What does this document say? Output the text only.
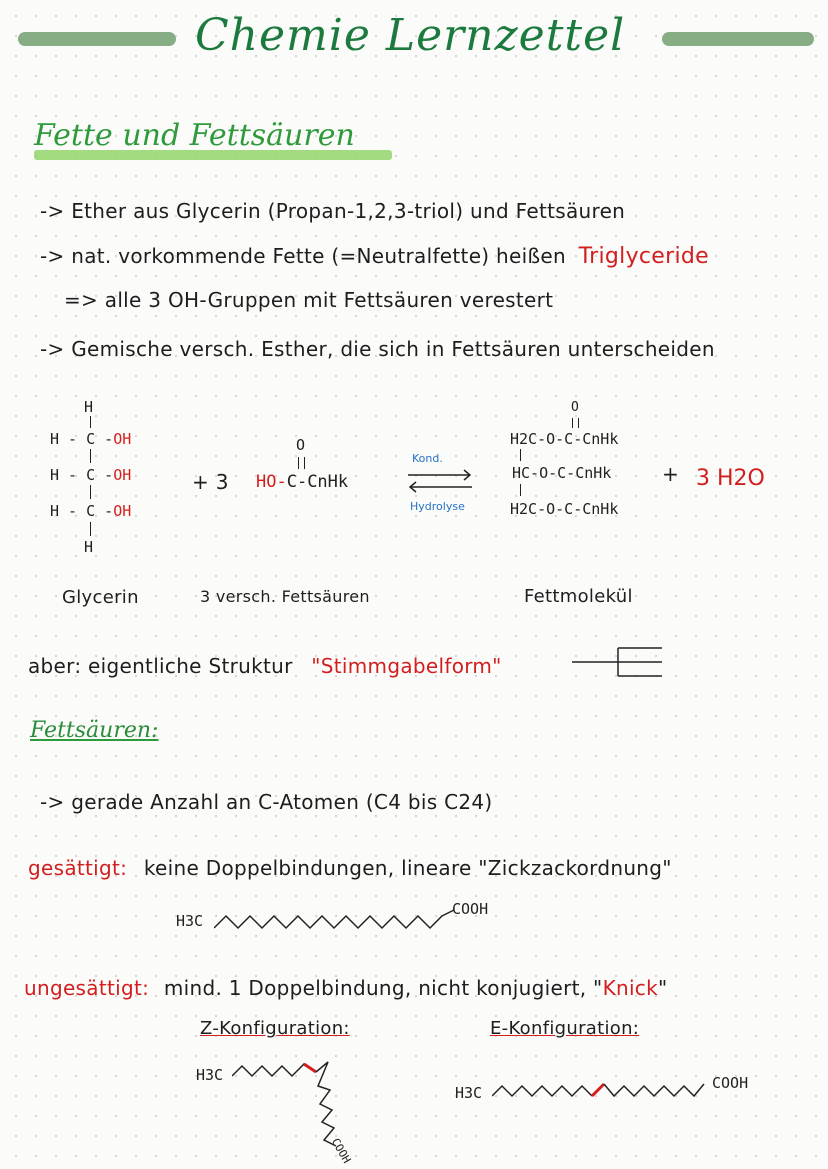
Chemie Lernzettel
Fette und Fettsäuren
-> Ether aus Glycerin (Propan-1,2,3-triol) und Fettsäuren
-> nat. vorkommende Fette (=Neutralfette) heißen Triglyceride
=> alle 3 OH-Gruppen mit Fettsäuren verestert
-> Gemische versch. Esther, die sich in Fettsäuren unterscheiden
H
H - C -OH
H - C -OH
H - C -OH
H
Glycerin
+ 3
O
HO-C-CnHk
3 versch. Fettsäuren
Kond.
Hydrolyse
O
H2C-O-C-CnHk
HC-O-C-CnHk
H2C-O-C-CnHk
Fettmolekül
+ 3 H2O
aber: eigentliche Struktur "Stimmgabelform"
Fettsäuren:
-> gerade Anzahl an C-Atomen (C4 bis C24)
gesättigt: keine Doppelbindungen, lineare "Zickzackordnung"
H3C
COOH
ungesättigt: mind. 1 Doppelbindung, nicht konjugiert, "Knick"
Z-Konfiguration:	E-Konfiguration:
H3C
COOH
H3C
COOH
